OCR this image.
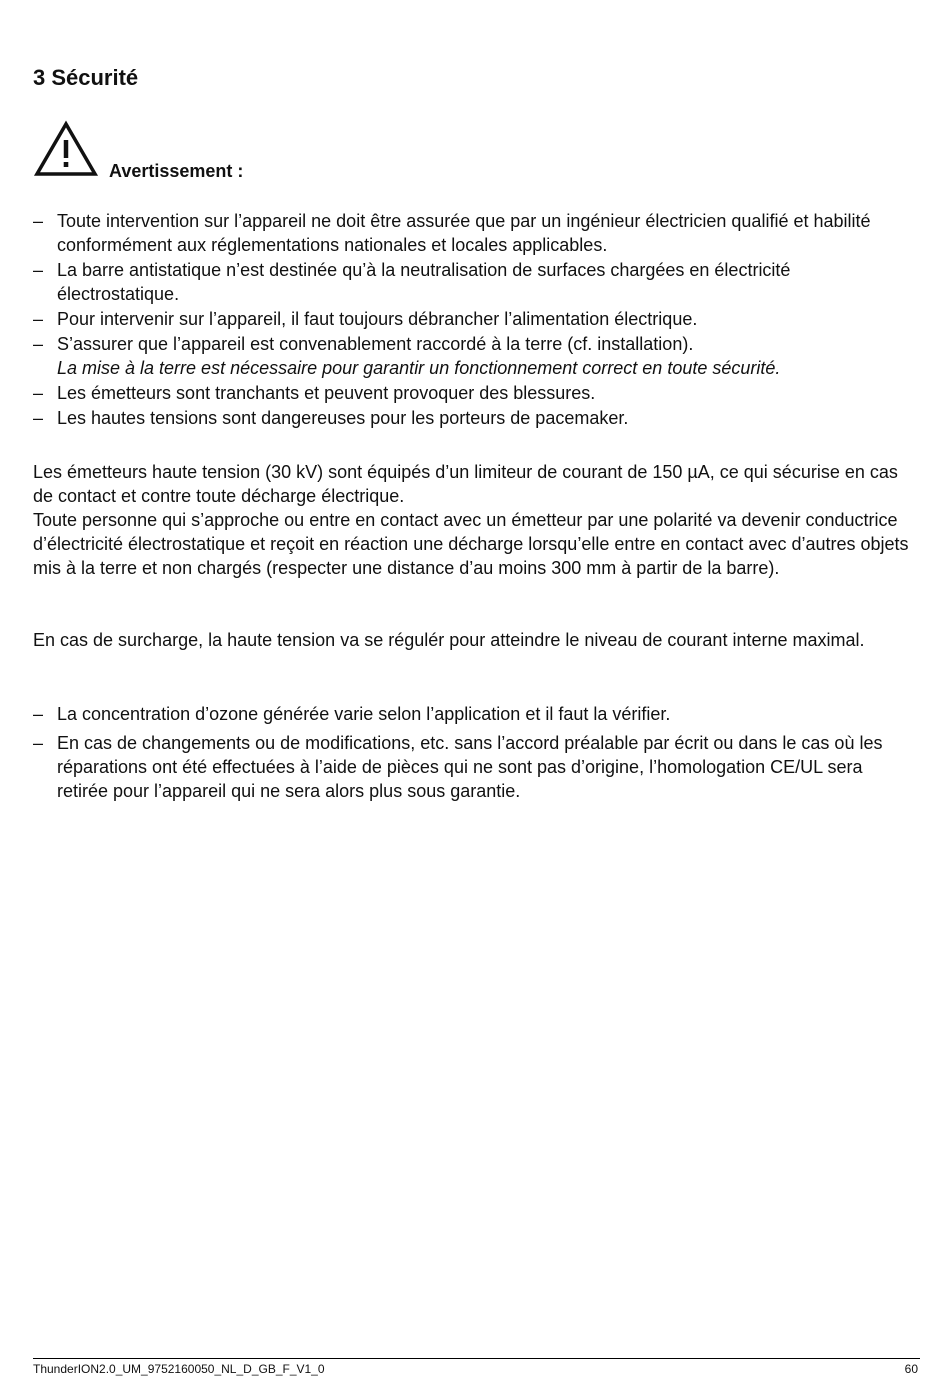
3 Sécurité
Avertissement :
– Toute intervention sur l’appareil ne doit être assurée que par un ingénieur électricien qualifié et habilité conformément aux réglementations nationales et locales applicables.
– La barre antistatique n’est destinée qu’à la neutralisation de surfaces chargées en électricité électrostatique.
– Pour intervenir sur l’appareil, il faut toujours débrancher l’alimentation électrique.
– S’assurer que l’appareil est convenablement raccordé à la terre (cf. installation).
La mise à la terre est nécessaire pour garantir un fonctionnement correct en toute sécurité.
– Les émetteurs sont tranchants et peuvent provoquer des blessures.
– Les hautes tensions sont dangereuses pour les porteurs de pacemaker.
Les émetteurs haute tension (30 kV) sont équipés d’un limiteur de courant de 150 µA, ce qui sécurise en cas de contact et contre toute décharge électrique.
Toute personne qui s’approche ou entre en contact avec un émetteur par une polarité va devenir conductrice d’électricité électrostatique et reçoit en réaction une décharge lorsqu’elle entre en contact avec d’autres objets mis à la terre et non chargés (respecter une distance d’au moins 300 mm à partir de la barre).

En cas de surcharge, la haute tension va se régulér pour atteindre le niveau de courant interne maximal.

– La concentration d’ozone générée varie selon l’application et il faut la vérifier.
– En cas de changements ou de modifications, etc. sans l’accord préalable par écrit ou dans le cas où les réparations ont été effectuées à l’aide de pièces qui ne sont pas d’origine, l’homologation CE/UL sera retirée pour l’appareil qui ne sera alors plus sous garantie.
ThunderION2.0_UM_9752160050_NL_D_GB_F_V1_0	60
